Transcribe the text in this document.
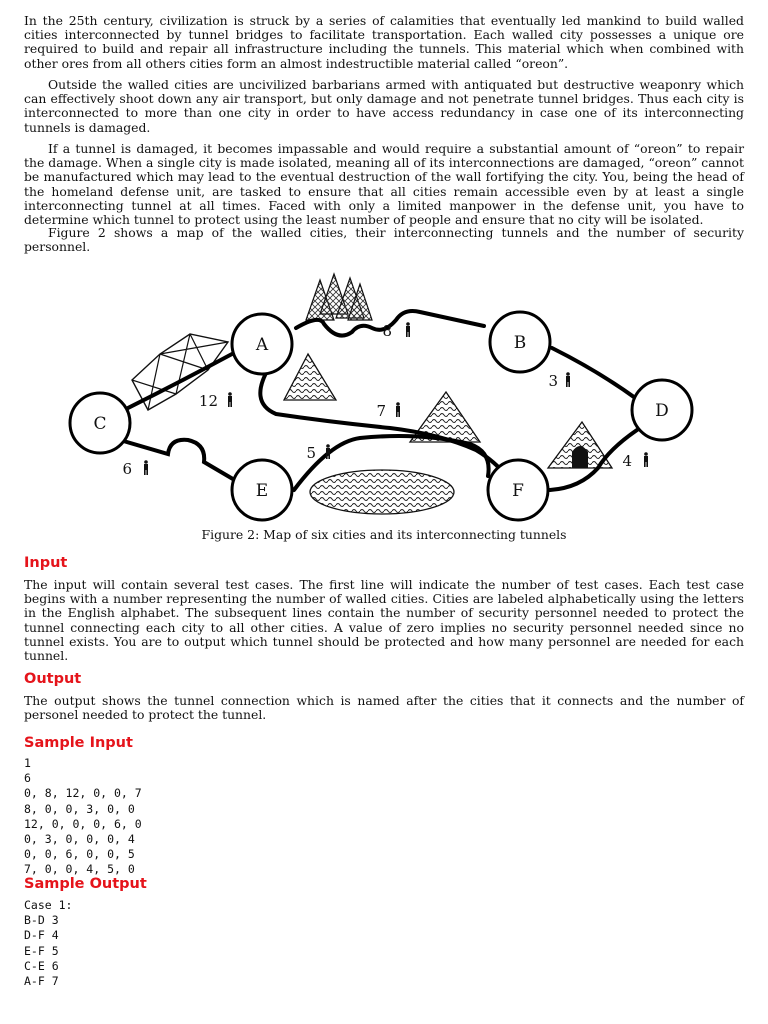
In the 25th century, civilization is struck by a series of calamities that eventually led mankind to build walled cities interconnected by tunnel bridges to facilitate transportation. Each walled city possesses a unique ore required to build and repair all infrastructure including the tunnels. This material which when combined with other ores from all others cities form an almost indestructible material called “oreon”.

Outside the walled cities are uncivilized barbarians armed with antiquated but destructive weaponry which can effectively shoot down any air transport, but only damage and not penetrate tunnel bridges. Thus each city is interconnected to more than one city in order to have access redundancy in case one of its interconnecting tunnels is damaged.

If a tunnel is damaged, it becomes impassable and would require a substantial amount of “oreon” to repair the damage. When a single city is made isolated, meaning all of its interconnections are damaged, “oreon” cannot be manufactured which may lead to the eventual destruction of the wall fortifying the city. You, being the head of the homeland defense unit, are tasked to ensure that all cities remain accessible even by at least a single interconnecting tunnel at all times. Faced with only a limited manpower in the defense unit, you have to determine which tunnel to protect using the least number of people and ensure that no city will be isolated.

Figure 2 shows a map of the walled cities, their interconnecting tunnels and the number of security personnel.

A	B
C
D
E	F
8
3
12
7
5
6	4
Figure 2: Map of six cities and its interconnecting tunnels
Input

The input will contain several test cases. The first line will indicate the number of test cases. Each test case begins with a number representing the number of walled cities. Cities are labeled alphabetically using the letters in the English alphabet. The subsequent lines contain the number of security personnel needed to protect the tunnel connecting each city to all other cities. A value of zero implies no security personnel needed since no tunnel exists. You are to output which tunnel should be protected and how many personnel are needed for each tunnel.

Output

The output shows the tunnel connection which is named after the cities that it connects and the number of personel needed to protect the tunnel.

Sample Input
1
6
0, 8, 12, 0, 0, 7
8, 0, 0, 3, 0, 0
12, 0, 0, 0, 6, 0
0, 3, 0, 0, 0, 4
0, 0, 6, 0, 0, 5
7, 0, 0, 4, 5, 0
Sample Output
Case 1:
B-D 3
D-F 4
E-F 5
C-E 6
A-F 7
